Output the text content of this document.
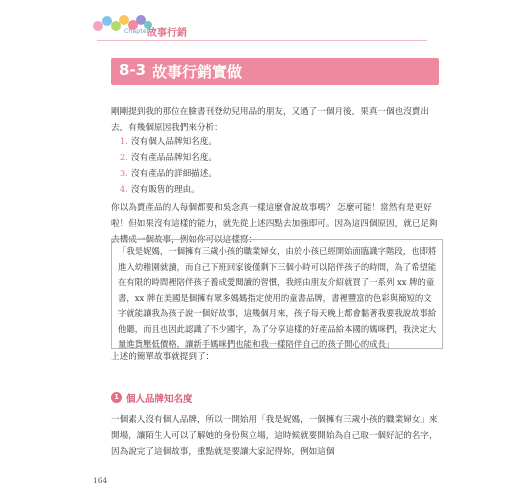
Chapter 6
故事行銷
8-3 故事行銷實做

剛剛提到我的那位在臉書刊登幼兒用品的朋友，又過了一個月後，果真一個也沒賣出去，有幾個原因我們來分析：

1. 沒有個人品牌知名度。
2. 沒有產品品牌知名度。
3. 沒有產品的詳細描述。
4. 沒有販售的理由。

你以為賣產品的人每個都要和吳念真一樣這麼會說故事嗎？ 怎麼可能！當然有是更好啦！但如果沒有這樣的能力，就先從上述四點去加強即可。因為這四個原因，就已足夠去構成一個故事，例如你可以這樣寫：

「我是妮媽，一個擁有三歲小孩的職業婦女，由於小孩已經開始面臨識字階段，也即將進入幼稚園就讀，而自己下班回家後僅剩下三個小時可以陪伴孩子的時間，為了希望能在有限的時間裡陪伴孩子養成愛閱讀的習慣，我經由朋友介紹就買了一系列 xx 牌的童書，xx 牌在美國是個擁有眾多媽媽指定使用的童書品牌，書裡豐富的色彩與簡短的文字就能讓我為孩子說一個好故事，這幾個月來，孩子每天晚上都會黏著我要我說故事給他聽，而且也因此認識了不少國字，為了分享這樣的好產品給本國的媽咪們，我決定大量進貨壓低價格，讓新手媽咪們也能和我一樣陪伴自己的孩子開心的成長」

上述的簡單故事就提到了：

1 個人品牌知名度

一個素人沒有個人品牌，所以一開始用「我是妮媽，一個擁有三歲小孩的職業婦女」來開場，讓陌生人可以了解她的身份與立場，這時候就要開始為自己取一個好記的名字，因為說完了這個故事，重點就是要讓大家記得妳，例如這個

164
